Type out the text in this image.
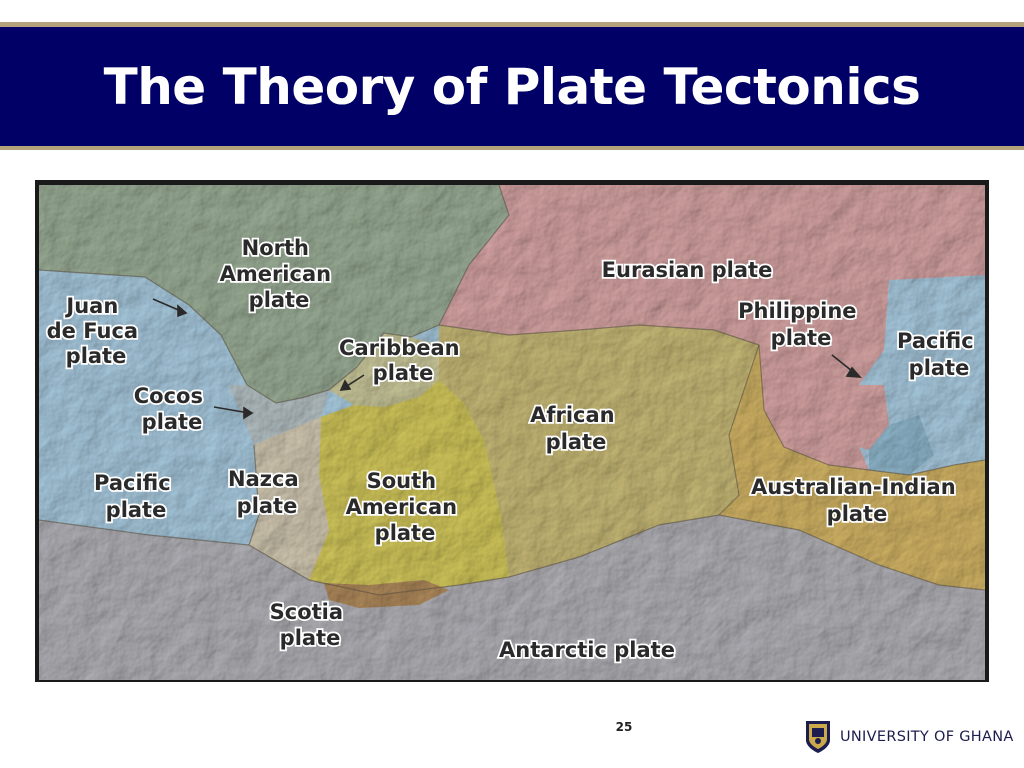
The Theory of Plate Tectonics
North American plate
Eurasian plate
Juan de Fuca plate	Caribbean plate
Philippine plate	Pacific plate
Cocos plate	African plate
Pacific plate
Nazca plate
South American plate
Australian-Indian plate
Scotia plate	Antarctic plate
25
UNIVERSITY OF GHANA
